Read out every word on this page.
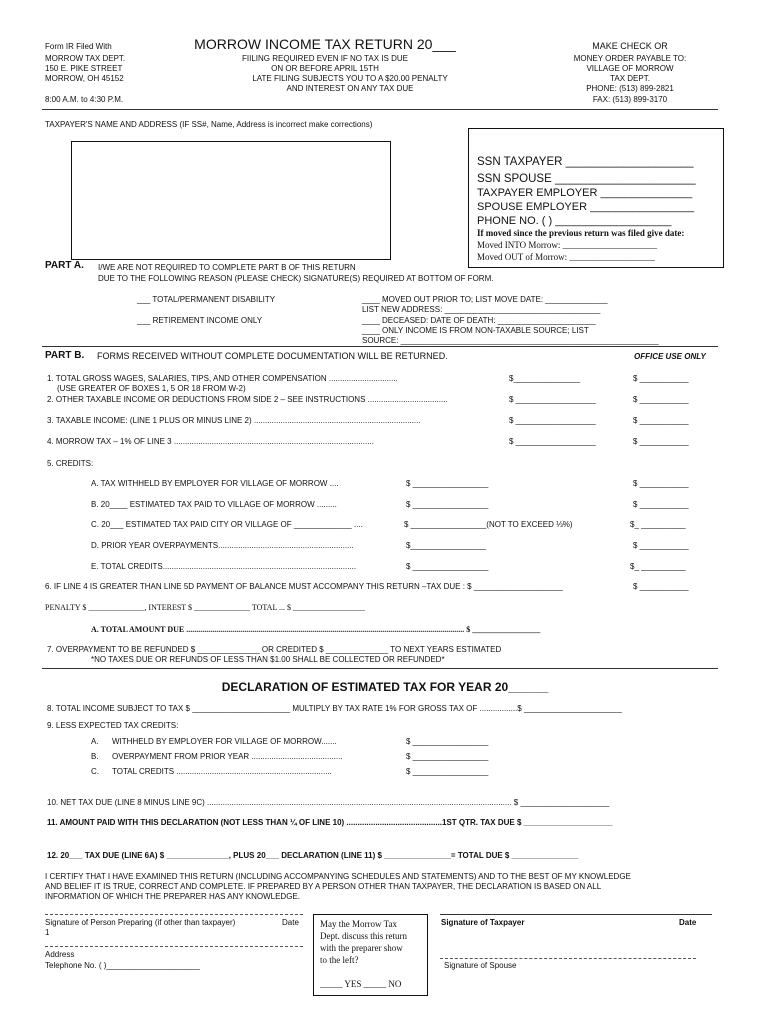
Form IR Filed With
MORROW TAX DEPT.
150 E. PIKE STREET
MORROW, OH 45152
8:00 A.M. to 4:30 P.M.
MORROW INCOME TAX RETURN 20___
FIILING REQUIRED EVEN IF NO TAX IS DUE
ON OR BEFORE APRIL 15TH
LATE FILING SUBJECTS YOU TO A $20.00 PENALTY
AND INTEREST ON ANY TAX DUE
MAKE CHECK OR
MONEY ORDER PAYABLE TO:
VILLAGE OF MORROW
TAX DEPT.
PHONE: (513) 899-2821
FAX: (513) 899-3170
TAXPAYER'S NAME AND ADDRESS (IF SS#, Name, Address is incorrect make corrections)
SSN TAXPAYER ____________________
SSN SPOUSE ______________________
TAXPAYER EMPLOYER _______________
SPOUSE EMPLOYER _________________
PHONE NO. ( ) ___________________
If moved since the previous return was filed give date:
Moved INTO Morrow: _____________________
Moved OUT of Morrow: ___________________
PART A. I/WE ARE NOT REQUIRED TO COMPLETE PART B OF THIS RETURN
DUE TO THE FOLLOWING REASON (PLEASE CHECK) SIGNATURE(S) REQUIRED AT BOTTOM OF FORM.
___ TOTAL/PERMANENT DISABILITY
___ RETIREMENT INCOME ONLY
____ MOVED OUT PRIOR TO; LIST MOVE DATE: ______________
LIST NEW ADDRESS: ___________________________________
____ DECEASED: DATE OF DEATH: ______________________
____ ONLY INCOME IS FROM NON-TAXABLE SOURCE; LIST
SOURCE: __________________________________________________________
PART B. FORMS RECEIVED WITHOUT COMPLETE DOCUMENTATION WILL BE RETURNED.	OFFICE USE ONLY
1. TOTAL GROSS WAGES, SALARIES, TIPS, AND OTHER COMPENSATION ...............................
(USE GREATER OF BOXES 1, 5 OR 18 FROM W-2)
$_______________	$ ___________
2. OTHER TAXABLE INCOME OR DEDUCTIONS FROM SIDE 2 – SEE INSTRUCTIONS ....................................	$ __________________	$ ___________
3. TAXABLE INCOME: (LINE 1 PLUS OR MINUS LINE 2) ...........................................................................	$ __________________	$ ___________
4. MORROW TAX – 1% OF LINE 3 ..........................................................................................	$ __________________	$ ___________
5. CREDITS:
A. TAX WITHHELD BY EMPLOYER FOR VILLAGE OF MORROW ....	$ _________________	$ ___________
B. 20____ ESTIMATED TAX PAID TO VILLAGE OF MORROW .........	$ _________________	$ ___________
C. 20___ ESTIMATED TAX PAID CITY OR VILLAGE OF _____________ ....	$ _________________(NOT TO EXCEED ⅓%)	$_ __________
D. PRIOR YEAR OVERPAYMENTS.............................................................	$_________________	$ ___________
E. TOTAL CREDITS.......................................................................................	$ _________________	$_ __________
6. IF LINE 4 IS GREATER THAN LINE 5D PAYMENT OF BALANCE MUST ACCOMPANY THIS RETURN –TAX DUE : $ ____________________	$ ___________
PENALTY $ ______________, INTEREST $ ______________ TOTAL ... $ __________________
A. TOTAL AMOUNT DUE ........................................................................................................................................... $ _________________
7. OVERPAYMENT TO BE REFUNDED $ ______________ OR CREDITED $ ______________ TO NEXT YEARS ESTIMATED
*NO TAXES DUE OR REFUNDS OF LESS THAN $1.00 SHALL BE COLLECTED OR REFUNDED*
DECLARATION OF ESTIMATED TAX FOR YEAR 20______
8. TOTAL INCOME SUBJECT TO TAX $ ______________________ MULTIPLY BY TAX RATE 1% FOR GROSS TAX OF .................$ ______________________
9. LESS EXPECTED TAX CREDITS:
A. WITHHELD BY EMPLOYER FOR VILLAGE OF MORROW.......	$ _________________
B. OVERPAYMENT FROM PRIOR YEAR .........................................	$ _________________
C. TOTAL CREDITS ......................................................................	$ _________________
10. NET TAX DUE (LINE 8 MINUS LINE 9C) ......................................................................................................................................... $ ____________________
11. AMOUNT PAID WITH THIS DECLARATION (NOT LESS THAN ¼ OF LINE 10) ...........................................1ST QTR. TAX DUE $ ____________________
12. 20___ TAX DUE (LINE 6A) $ ______________, PLUS 20___ DECLARATION (LINE 11) $ _______________= TOTAL DUE $ _______________
I CERTIFY THAT I HAVE EXAMINED THIS RETURN (INCLUDING ACCOMPANYING SCHEDULES AND STATEMENTS) AND TO THE BEST OF MY KNOWLEDGE
AND BELIEF IT IS TRUE, CORRECT AND COMPLETE. IF PREPARED BY A PERSON OTHER THAN TAXPAYER, THE DECLARATION IS BASED ON ALL
INFORMATION OF WHICH THE PREPARER HAS ANY KNOWLEDGE.
Signature of Person Preparing (if other than taxpayer)	Date
1
Address
Telephone No. ( )_____________________
May the Morrow Tax
Dept. discuss this return
with the preparer show
to the left?
_____ YES _____ NO
Signature of Taxpayer	Date
Signature of Spouse
